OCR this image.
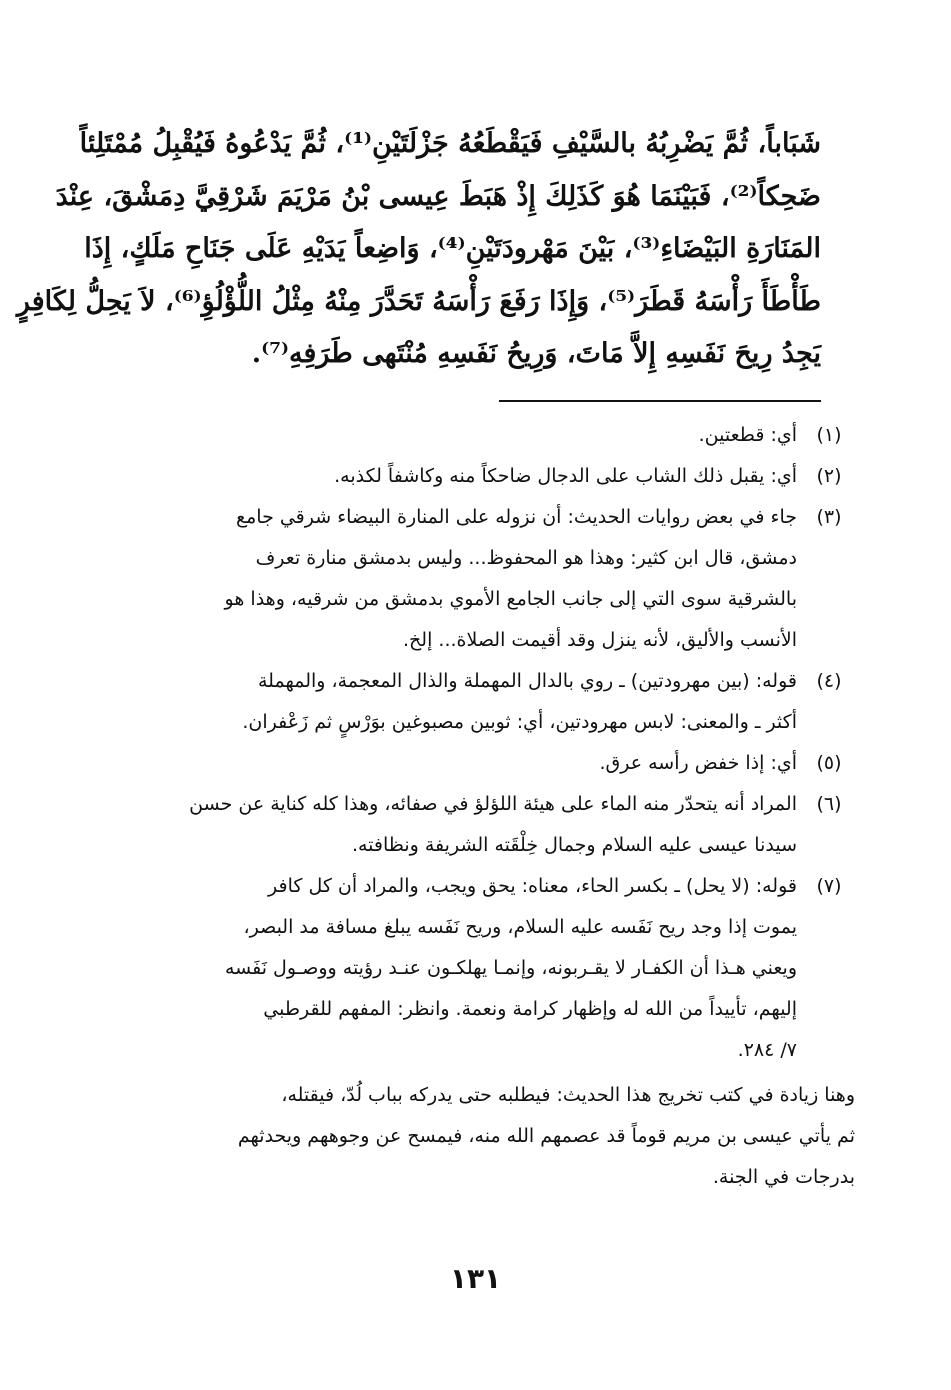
شَبَاباً، ثُمَّ يَضْرِبُهُ بالسَّيْفِ فَيَقْطَعُهُ جَزْلَتَيْنِ⁽¹⁾، ثُمَّ يَدْعُوهُ فَيُقْبِلُ مُمْتَلِئاً
ضَحِكاً⁽²⁾، فَبَيْنَمَا هُوَ كَذَلِكَ إِذْ هَبَطَ عِيسى بْنُ مَرْيَمَ شَرْقِيَّ دِمَشْقَ، عِنْدَ
المَنَارَةِ البَيْضَاءِ⁽³⁾، بَيْنَ مَهْرودَتَيْنِ⁽⁴⁾، وَاضِعاً يَدَيْهِ عَلَى جَنَاحِ مَلَكٍ، إِذَا
طَأْطَأَ رَأْسَهُ قَطَرَ⁽⁵⁾، وَإِذَا رَفَعَ رَأْسَهُ تَحَدَّرَ مِنْهُ مِثْلُ اللُّؤْلُؤِ⁽⁶⁾، لاَ يَحِلُّ لِكَافِرٍ
يَجِدُ رِيحَ نَفَسِهِ إِلاَّ مَاتَ، وَرِيحُ نَفَسِهِ مُنْتَهى طَرَفِهِ⁽⁷⁾.
(١)
أي: قطعتين.
(٢)
أي: يقبل ذلك الشاب على الدجال ضاحكاً منه وكاشفاً لكذبه.
(٣)
جاء في بعض روايات الحديث: أن نزوله على المنارة البيضاء شرقي جامع
دمشق، قال ابن كثير: وهذا هو المحفوظ... وليس بدمشق منارة تعرف
بالشرقية سوى التي إلى جانب الجامع الأموي بدمشق من شرقيه، وهذا هو
الأنسب والأليق، لأنه ينزل وقد أقيمت الصلاة... إلخ.
(٤)
قوله: (بين مهرودتين) ـ روي بالدال المهملة والذال المعجمة، والمهملة
أكثر ـ والمعنى: لابس مهرودتين، أي: ثوبين مصبوغين بوَرْسٍ ثم زَعْفران.
(٥)
أي: إذا خفض رأسه عرق.
(٦)
المراد أنه يتحدّر منه الماء على هيئة اللؤلؤ في صفائه، وهذا كله كناية عن حسن
سيدنا عيسى عليه السلام وجمال خِلْقَته الشريفة ونظافته.
(٧)
قوله: (لا يحل) ـ بكسر الحاء، معناه: يحق ويجب، والمراد أن كل كافر
يموت إذا وجد ريح نَفَسه عليه السلام، وريح نَفَسه يبلغ مسافة مد البصر،
ويعني هـذا أن الكفـار لا يقـربونه، وإنمـا يهلكـون عنـد رؤيته ووصـول نَفَسه
إليهم، تأييداً من الله له وإظهار كرامة ونعمة. وانظر: المفهم للقرطبي
٧/ ٢٨٤.
وهنا زيادة في كتب تخريج هذا الحديث: فيطلبه حتى يدركه بباب لُدّ، فيقتله،
ثم يأتي عيسى بن مريم قوماً قد عصمهم الله منه، فيمسح عن وجوههم ويحدثهم
بدرجات في الجنة.
١٣١
